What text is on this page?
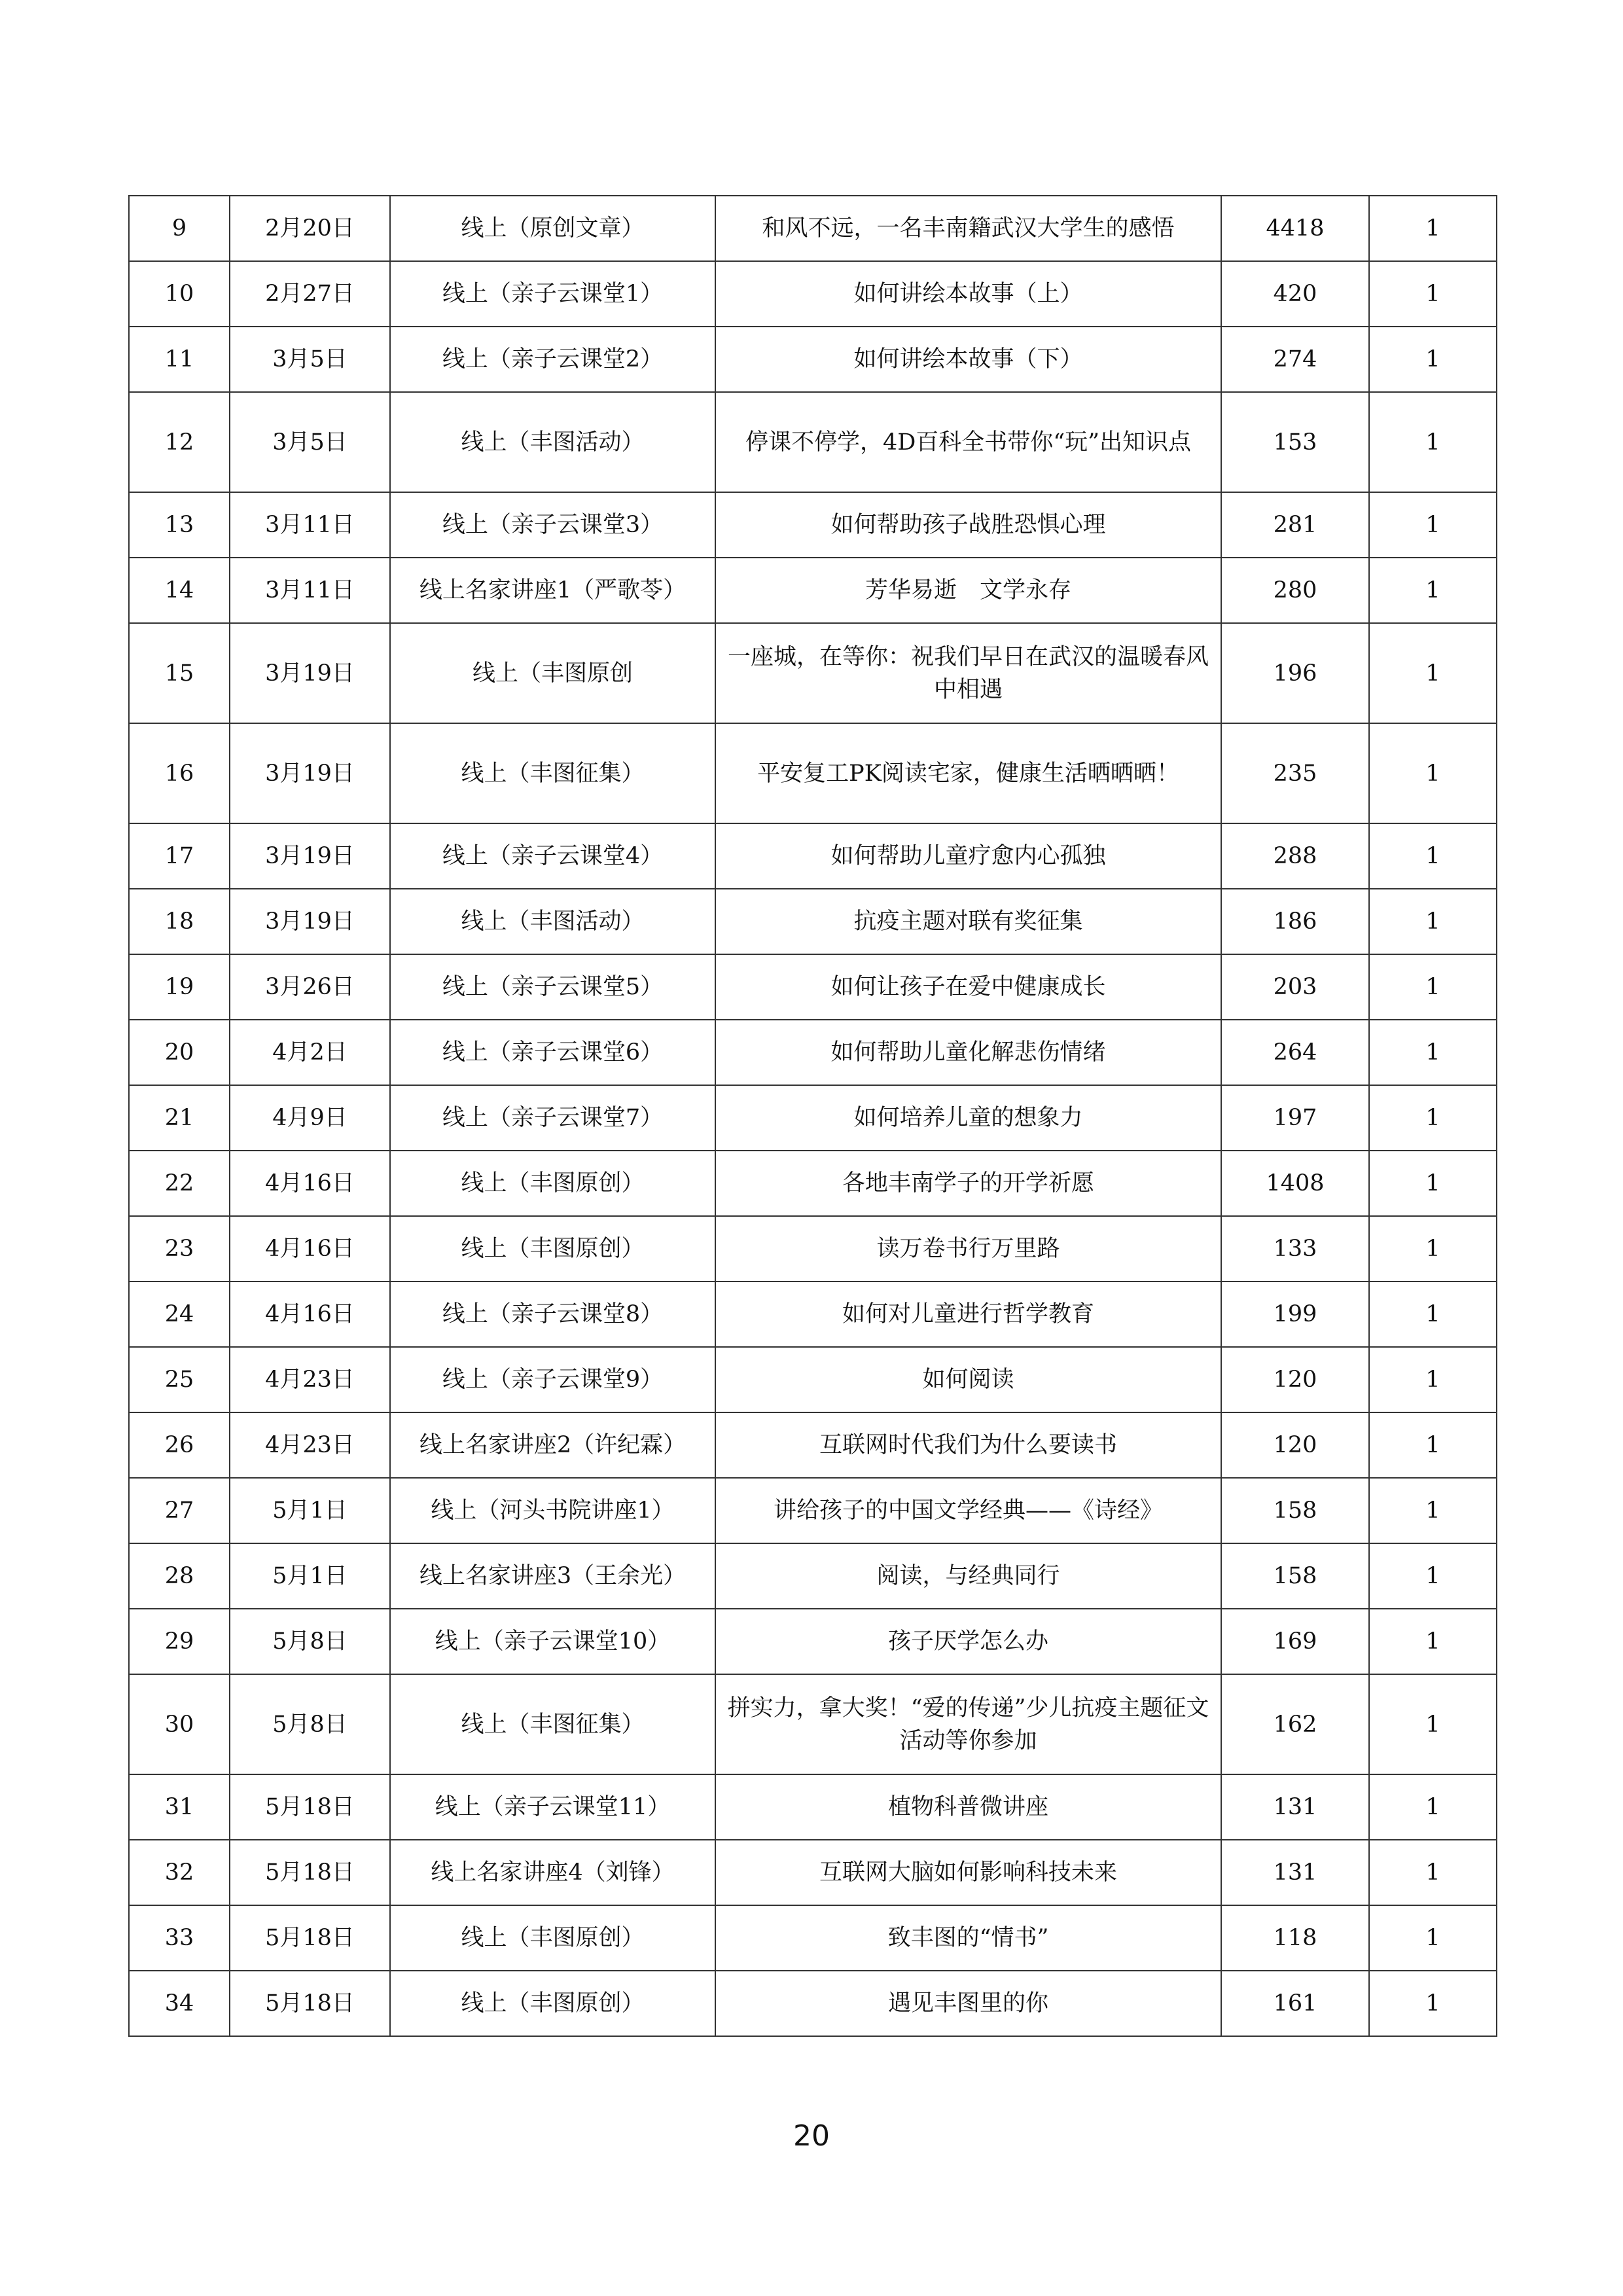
9	2月20日	线上（原创文章）	和风不远，一名丰南籍武汉大学生的感悟	4418	1
10	2月27日	线上（亲子云课堂1）	如何讲绘本故事（上）	420	1
11	3月5日	线上（亲子云课堂2）	如何讲绘本故事（下）	274	1
12	3月5日	线上（丰图活动）	停课不停学，4D百科全书带你“玩”出知识点	153	1
13	3月11日	线上（亲子云课堂3）	如何帮助孩子战胜恐惧心理	281	1
14	3月11日	线上名家讲座1（严歌苓）	芳华易逝　文学永存	280	1
15	3月19日	线上（丰图原创	一座城，在等你：祝我们早日在武汉的温暖春风中相遇	196	1
16	3月19日	线上（丰图征集）	平安复工PK阅读宅家，健康生活晒晒晒！	235	1
17	3月19日	线上（亲子云课堂4）	如何帮助儿童疗愈内心孤独	288	1
18	3月19日	线上（丰图活动）	抗疫主题对联有奖征集	186	1
19	3月26日	线上（亲子云课堂5）	如何让孩子在爱中健康成长	203	1
20	4月2日	线上（亲子云课堂6）	如何帮助儿童化解悲伤情绪	264	1
21	4月9日	线上（亲子云课堂7）	如何培养儿童的想象力	197	1
22	4月16日	线上（丰图原创）	各地丰南学子的开学祈愿	1408	1
23	4月16日	线上（丰图原创）	读万卷书行万里路	133	1
24	4月16日	线上（亲子云课堂8）	如何对儿童进行哲学教育	199	1
25	4月23日	线上（亲子云课堂9）	如何阅读	120	1
26	4月23日	线上名家讲座2（许纪霖）	互联网时代我们为什么要读书	120	1
27	5月1日	线上（河头书院讲座1）	讲给孩子的中国文学经典——《诗经》	158	1
28	5月1日	线上名家讲座3（王余光）	阅读，与经典同行	158	1
29	5月8日	线上（亲子云课堂10）	孩子厌学怎么办	169	1
30	5月8日	线上（丰图征集）	拼实力，拿大奖！“爱的传递”少儿抗疫主题征文活动等你参加	162	1
31	5月18日	线上（亲子云课堂11）	植物科普微讲座	131	1
32	5月18日	线上名家讲座4（刘锋）	互联网大脑如何影响科技未来	131	1
33	5月18日	线上（丰图原创）	致丰图的“情书”	118	1
34	5月18日	线上（丰图原创）	遇见丰图里的你	161	1
20
